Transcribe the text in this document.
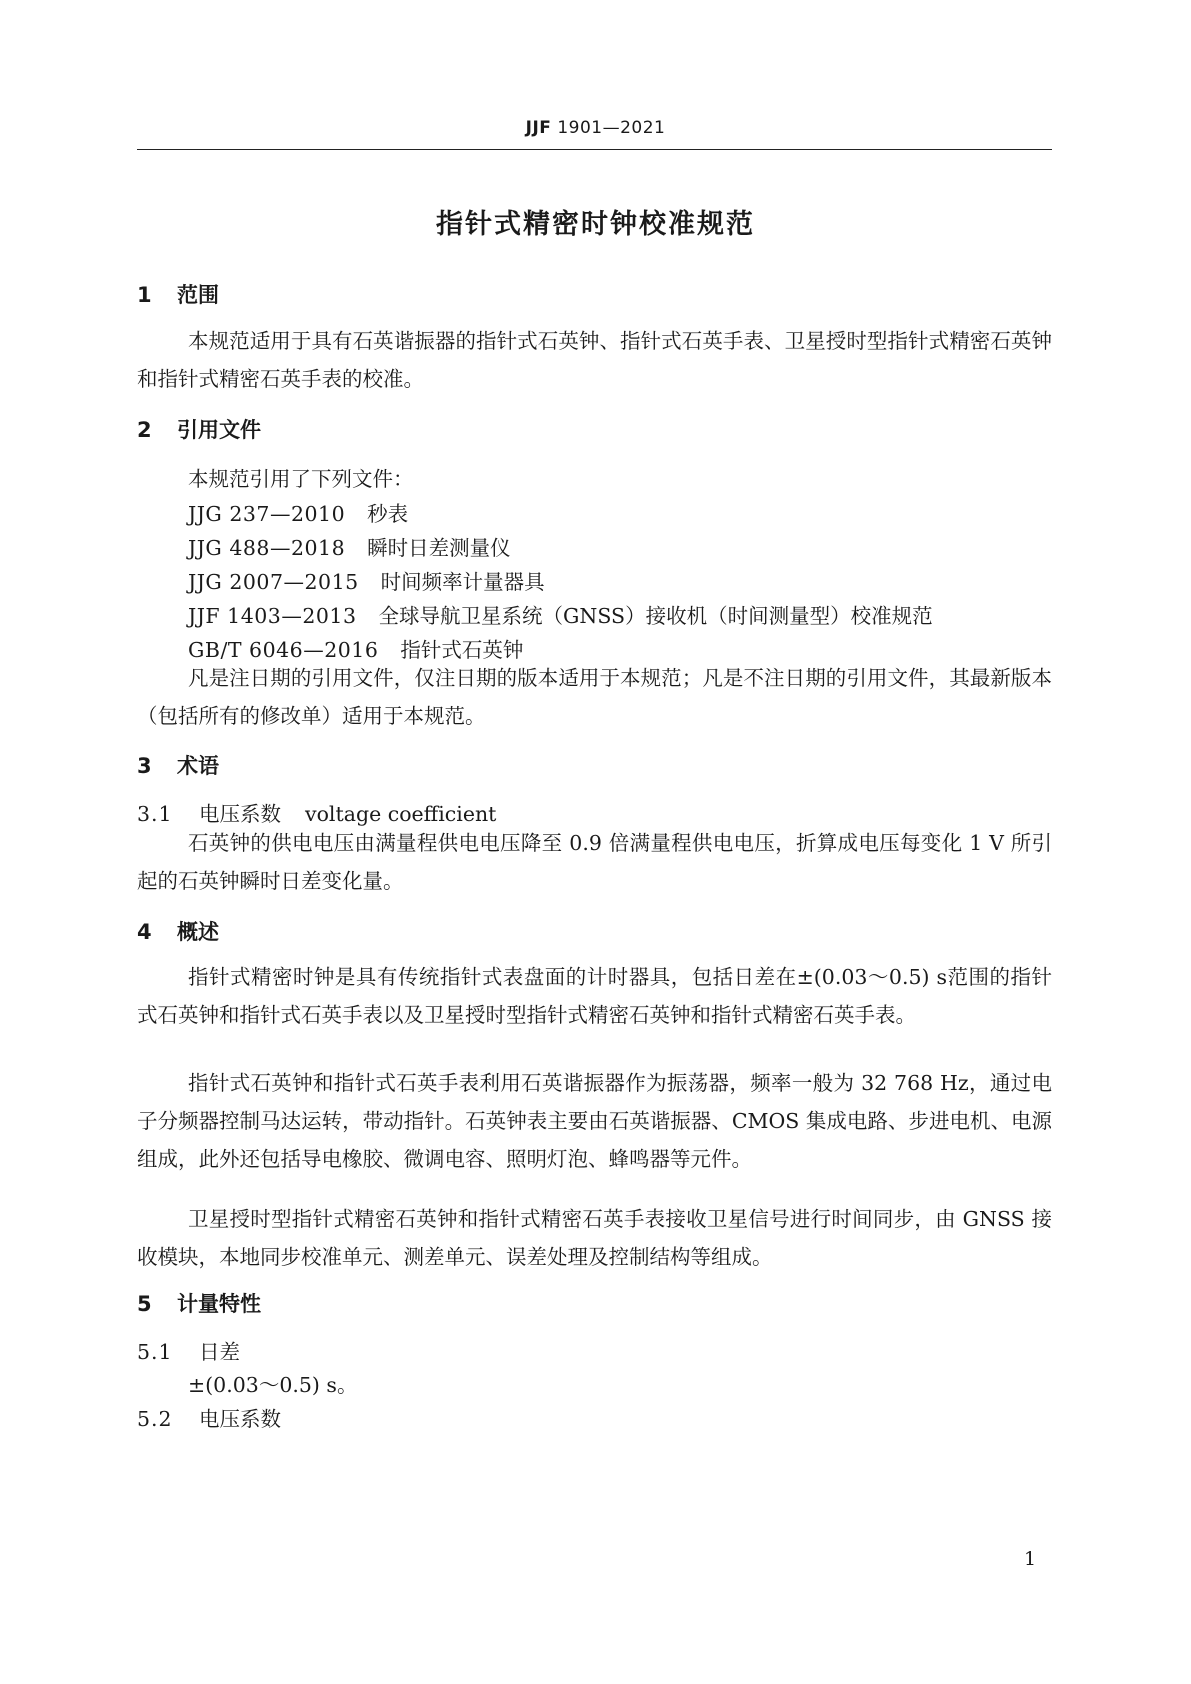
JJF 1901—2021
指针式精密时钟校准规范
1 范围
本规范适用于具有石英谐振器的指针式石英钟、指针式石英手表、卫星授时型指针式精密石英钟和指针式精密石英手表的校准。
2 引用文件
本规范引用了下列文件：
JJG 237—2010 秒表
JJG 488—2018 瞬时日差测量仪
JJG 2007—2015 时间频率计量器具
JJF 1403—2013 全球导航卫星系统（GNSS）接收机（时间测量型）校准规范
GB/T 6046—2016 指针式石英钟
凡是注日期的引用文件，仅注日期的版本适用于本规范；凡是不注日期的引用文件，其最新版本（包括所有的修改单）适用于本规范。
3 术语
3.1 电压系数 voltage coefficient
石英钟的供电电压由满量程供电电压降至 0.9 倍满量程供电电压，折算成电压每变化 1 V 所引起的石英钟瞬时日差变化量。
4 概述
指针式精密时钟是具有传统指针式表盘面的计时器具，包括日差在±(0.03～0.5) s范围的指针式石英钟和指针式石英手表以及卫星授时型指针式精密石英钟和指针式精密石英手表。
指针式石英钟和指针式石英手表利用石英谐振器作为振荡器，频率一般为 32 768 Hz，通过电子分频器控制马达运转，带动指针。石英钟表主要由石英谐振器、CMOS 集成电路、步进电机、电源组成，此外还包括导电橡胶、微调电容、照明灯泡、蜂鸣器等元件。
卫星授时型指针式精密石英钟和指针式精密石英手表接收卫星信号进行时间同步，由 GNSS 接收模块，本地同步校准单元、测差单元、误差处理及控制结构等组成。
5 计量特性
5.1 日差
±(0.03～0.5) s。
5.2 电压系数
1
